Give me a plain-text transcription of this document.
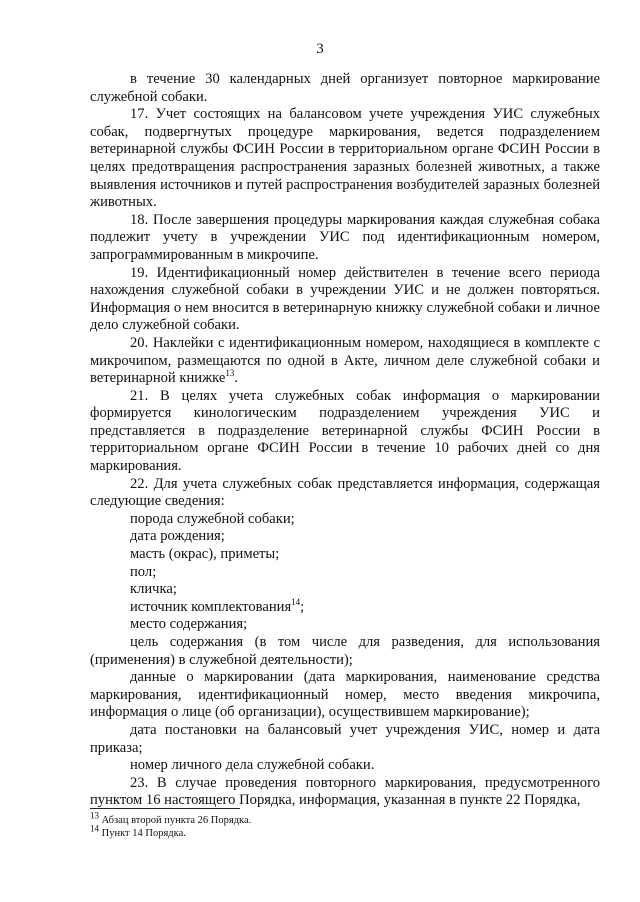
3

в течение 30 календарных дней организует повторное маркирование служебной собаки.

17. Учет состоящих на балансовом учете учреждения УИС служебных собак, подвергнутых процедуре маркирования, ведется подразделением ветеринарной службы ФСИН России в территориальном органе ФСИН России в целях предотвращения распространения заразных болезней животных, а также выявления источников и путей распространения возбудителей заразных болезней животных.

18. После завершения процедуры маркирования каждая служебная собака подлежит учету в учреждении УИС под идентификационным номером, запрограммированным в микрочипе.

19. Идентификационный номер действителен в течение всего периода нахождения служебной собаки в учреждении УИС и не должен повторяться. Информация о нем вносится в ветеринарную книжку служебной собаки и личное дело служебной собаки.

20. Наклейки с идентификационным номером, находящиеся в комплекте с микрочипом, размещаются по одной в Акте, личном деле служебной собаки и ветеринарной книжке$^{13}$.

21. В целях учета служебных собак информация о маркировании формируется кинологическим подразделением учреждения УИС и представляется в подразделение ветеринарной службы ФСИН России в территориальном органе ФСИН России в течение 10 рабочих дней со дня маркирования.

22. Для учета служебных собак представляется информация, содержащая следующие сведения:

порода служебной собаки;

дата рождения;

масть (окрас), приметы;

пол;

кличка;

источник комплектования$^{14}$;

место содержания;

цель содержания (в том числе для разведения, для использования (применения) в служебной деятельности);

данные о маркировании (дата маркирования, наименование средства маркирования, идентификационный номер, место введения микрочипа, информация о лице (об организации), осуществившем маркирование);

дата постановки на балансовый учет учреждения УИС, номер и дата приказа;

номер личного дела служебной собаки.

23. В случае проведения повторного маркирования, предусмотренного пунктом 16 настоящего Порядка, информация, указанная в пункте 22 Порядка,

$^{13}$ Абзац второй пункта 26 Порядка.

$^{14}$ Пункт 14 Порядка.
